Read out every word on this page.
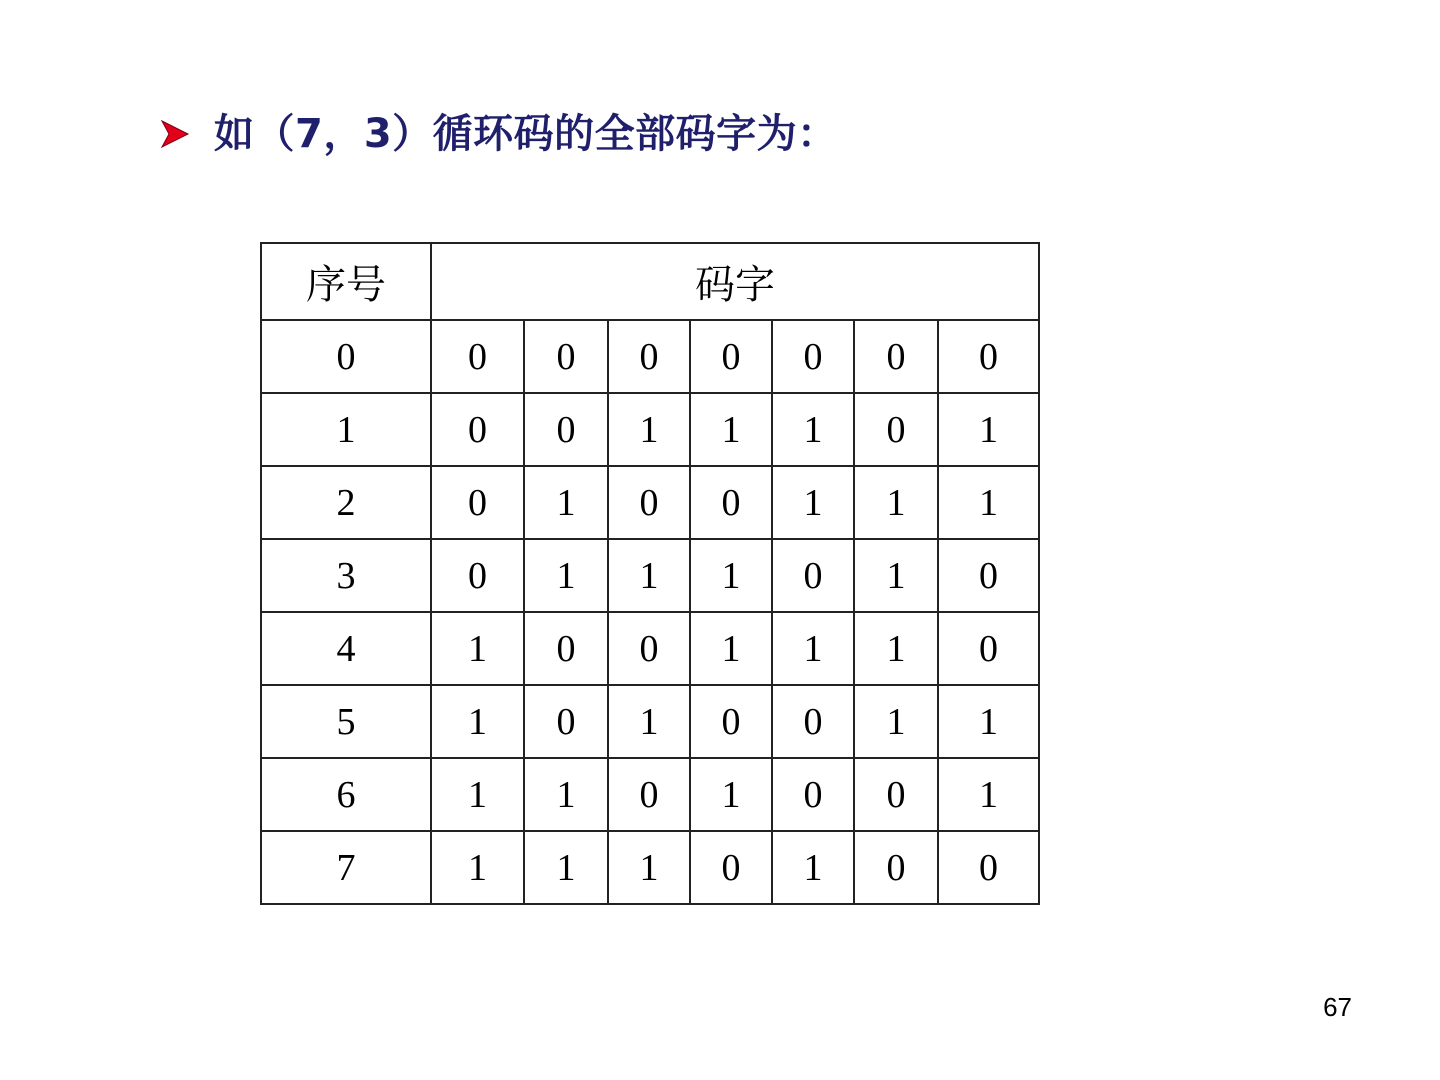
如（7，3）循环码的全部码字为：
序号	码字						
0	0	0	0	0	0	0	0
1	0	0	1	1	1	0	1
2	0	1	0	0	1	1	1
3	0	1	1	1	0	1	0
4	1	0	0	1	1	1	0
5	1	0	1	0	0	1	1
6	1	1	0	1	0	0	1
7	1	1	1	0	1	0	0
67
